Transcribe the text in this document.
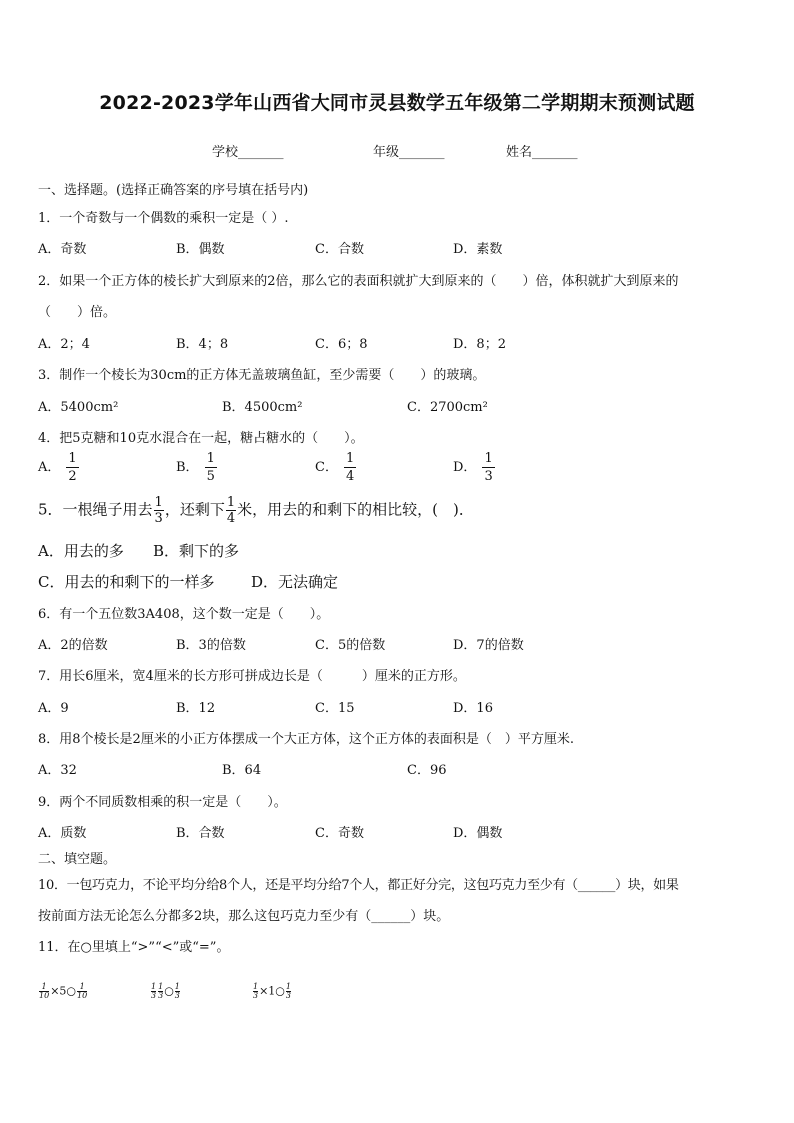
2022-2023学年山西省大同市灵县数学五年级第二学期期末预测试题
学校_______	年级_______	姓名_______
一、选择题。(选择正确答案的序号填在括号内)
1．一个奇数与一个偶数的乘积一定是（ ）.
A．奇数	B．偶数	C．合数	D．素数
2．如果一个正方体的棱长扩大到原来的2倍，那么它的表面积就扩大到原来的（　　）倍，体积就扩大到原来的
（　　）倍。
A．2；4	B．4；8	C．6；8	D．8；2
3．制作一个棱长为30cm的正方体无盖玻璃鱼缸，至少需要（　　）的玻璃。
A．5400cm²	B．4500cm²	C．2700cm²
4．把5克糖和10克水混合在一起，糖占糖水的（　　）。
A． $\frac{1}{2}$	B． $\frac{1}{5}$	C． $\frac{1}{4}$	D． $\frac{1}{3}$
5．一根绳子用去 $\frac{1}{3}$ ，还剩下 $\frac{1}{4}$ 米，用去的和剩下的相比较，(　)．
A．用去的多 B．剩下的多
C．用去的和剩下的一样多 D．无法确定
6．有一个五位数3A408，这个数一定是（　　）。
A．2的倍数	B．3的倍数	C．5的倍数	D．7的倍数
7．用长6厘米，宽4厘米的长方形可拼成边长是（　　　）厘米的正方形。
A．9	B．12	C．15	D．16
8．用8个棱长是2厘米的小正方体摆成一个大正方体，这个正方体的表面积是（　）平方厘米.
A．32	B．64	C．96
9．两个不同质数相乘的积一定是（　　）。
A．质数	B．合数	C．奇数	D．偶数
二、填空题。
10．一包巧克力，不论平均分给8个人，还是平均分给7个人，都正好分完，这包巧克力至少有（______）块，如果
按前面方法无论怎么分都多2块，那么这包巧克力至少有（______）块。
11．在○里填上“>”“<”或“=”。
$\frac{1}{10}$ ×5○ $\frac{1}{10}$	$\frac{1}{3} \frac{1}{3}$ ○ $\frac{1}{3}$	$\frac{1}{3}$ ×1○ $\frac{1}{3}$
